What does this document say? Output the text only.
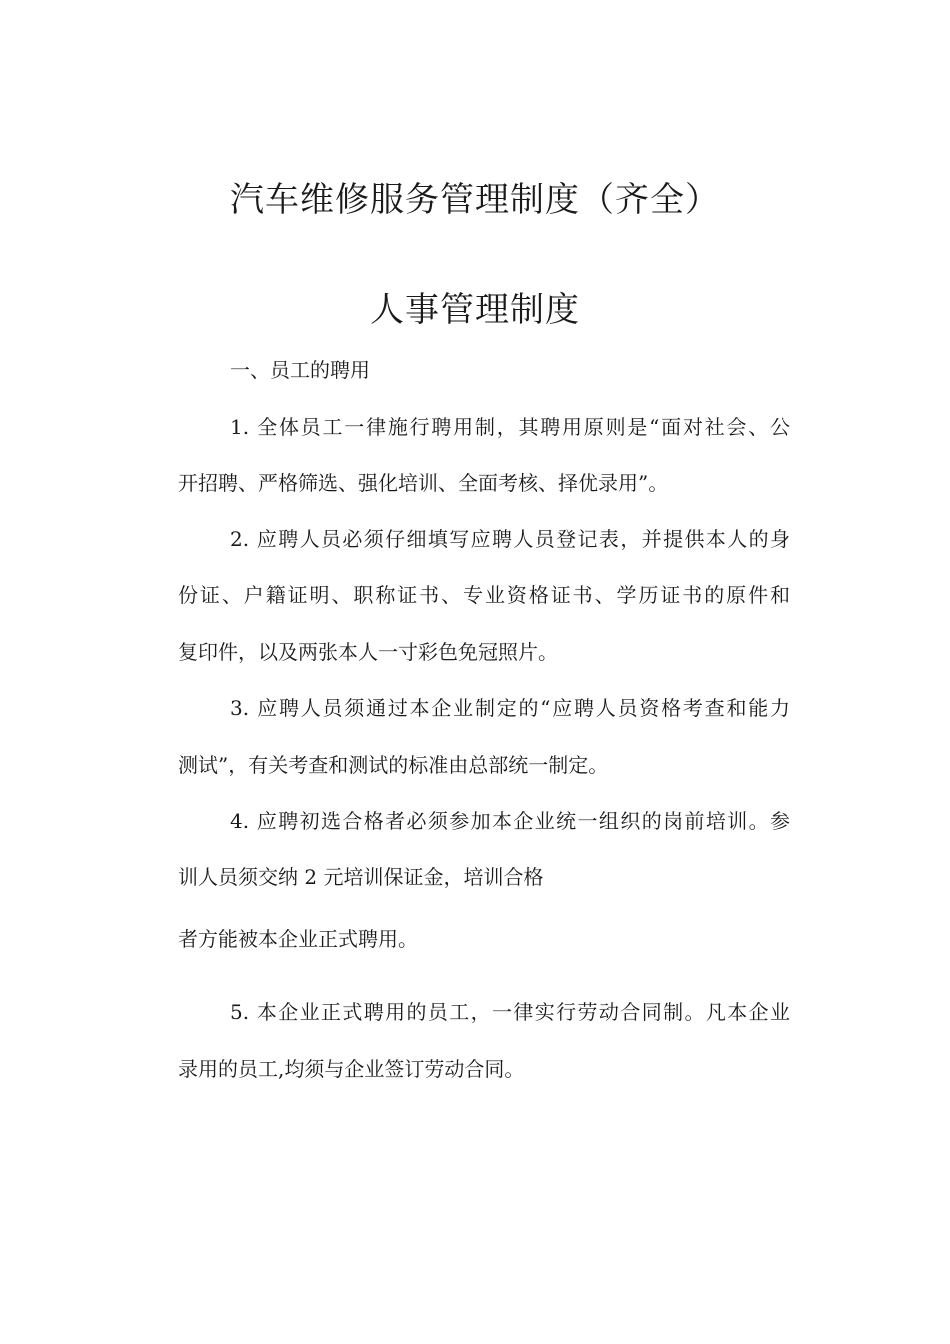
汽车维修服务管理制度（齐全）
人事管理制度

一、员工的聘用

1. 全体员工一律施行聘用制，其聘用原则是“面对社会、公

开招聘、严格筛选、强化培训、全面考核、择优录用”。

2. 应聘人员必须仔细填写应聘人员登记表，并提供本人的身

份证、户籍证明、职称证书、专业资格证书、学历证书的原件和

复印件，以及两张本人一寸彩色免冠照片。

3. 应聘人员须通过本企业制定的“应聘人员资格考查和能力

测试”，有关考查和测试的标准由总部统一制定。

4. 应聘初选合格者必须参加本企业统一组织的岗前培训。参

训人员须交纳 2 元培训保证金，培训合格

者方能被本企业正式聘用。

5. 本企业正式聘用的员工，一律实行劳动合同制。凡本企业

录用的员工,均须与企业签订劳动合同。
